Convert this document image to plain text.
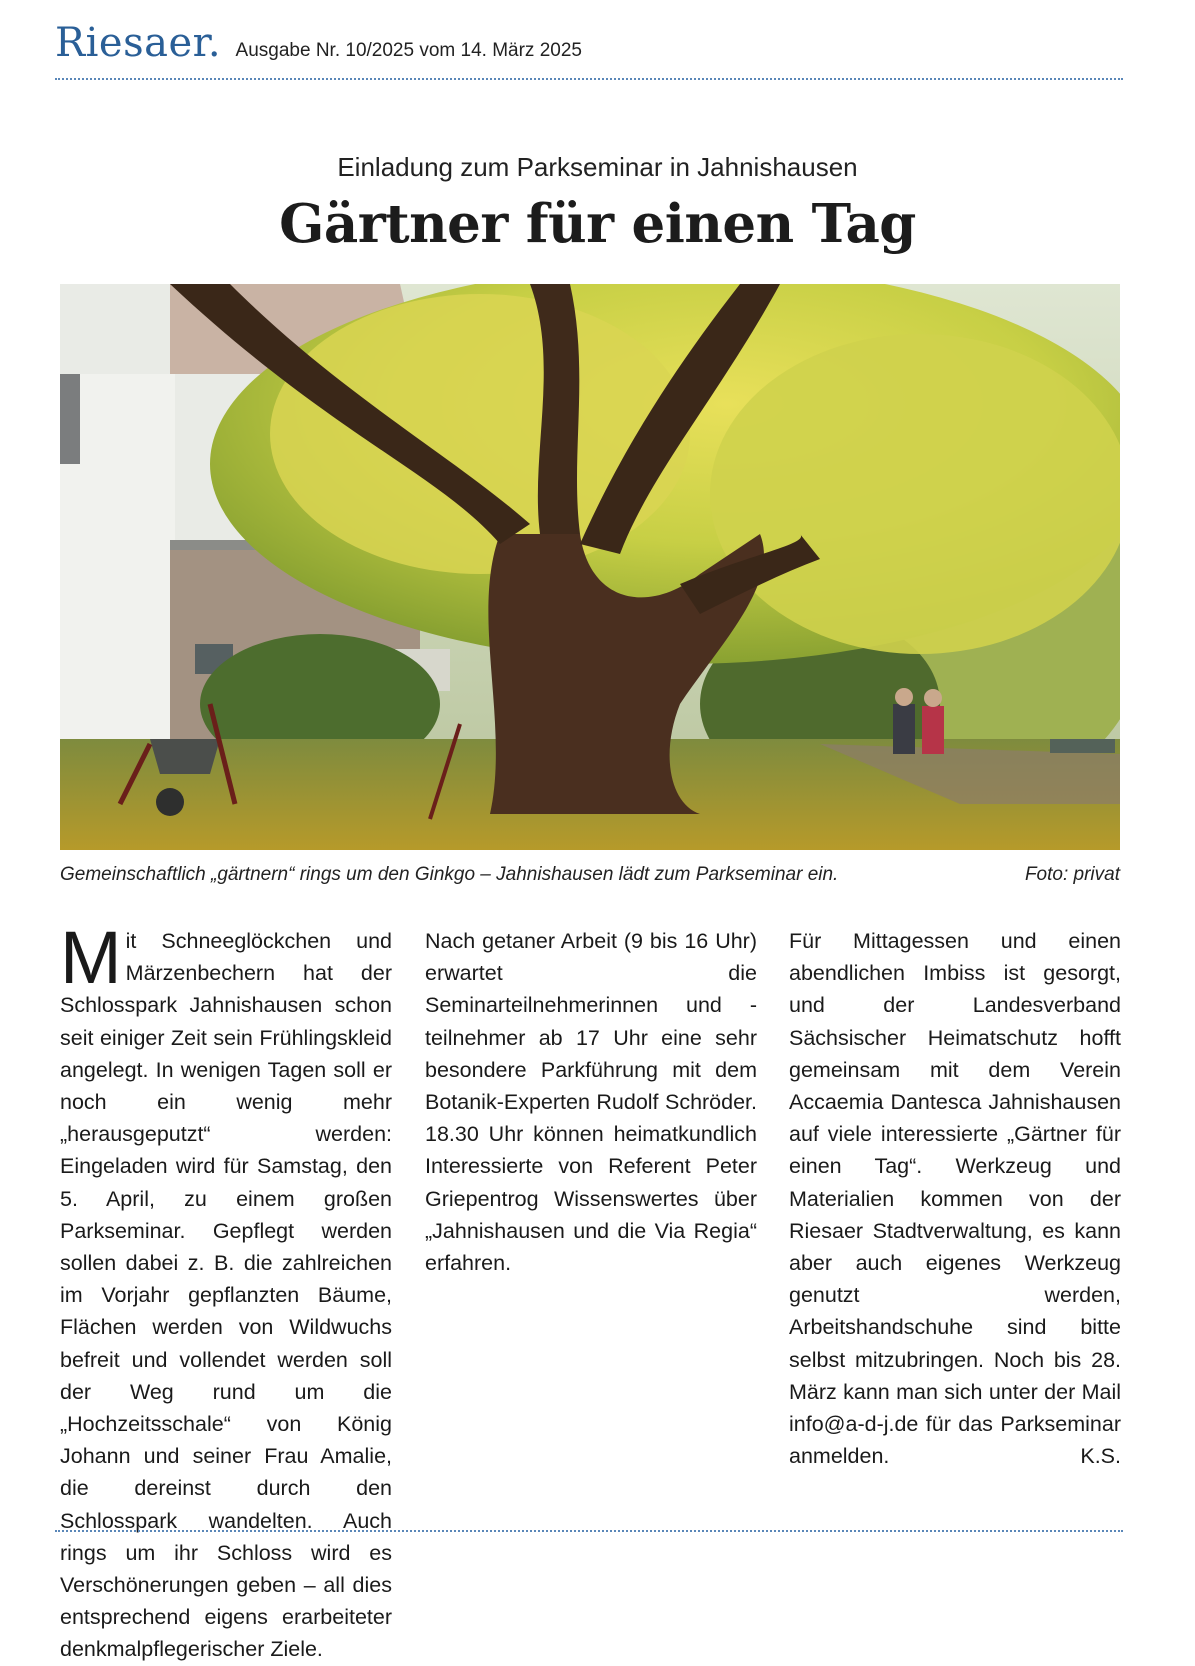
Riesaer. Ausgabe Nr. 10/2025 vom 14. März 2025
Einladung zum Parkseminar in Jahnishausen
Gärtner für einen Tag
Gemeinschaftlich „gärtnern“ rings um den Ginkgo – Jahnishausen lädt zum Parkseminar ein.	Foto: privat

Mit Schneeglöckchen und Märzenbechern hat der Schlosspark Jahnishausen schon seit einiger Zeit sein Frühlingskleid angelegt. In wenigen Tagen soll er noch ein wenig mehr „herausgeputzt“ werden: Eingeladen wird für Samstag, den 5. April, zu einem großen Parkseminar. Gepflegt werden sollen dabei z. B. die zahlreichen im Vorjahr gepflanzten Bäume, Flächen werden von Wildwuchs befreit und vollendet werden soll der Weg rund um die „Hochzeitsschale“ von König Johann und seiner Frau Amalie, die dereinst durch den Schlosspark wandelten. Auch rings um ihr Schloss wird es Verschönerungen geben – all dies entsprechend eigens erarbeiteter denkmalpflegerischer Ziele.

Nach getaner Arbeit (9 bis 16 Uhr) erwartet die Seminarteilnehmerinnen und -teilnehmer ab 17 Uhr eine sehr besondere Parkführung mit dem Botanik-Experten Rudolf Schröder. 18.30 Uhr können heimatkundlich Interessierte von Referent Peter Griepentrog Wissenswertes über „Jahnishausen und die Via Regia“ erfahren.

Für Mittagessen und einen abendlichen Imbiss ist gesorgt, und der Landesverband Sächsischer Heimatschutz hofft gemeinsam mit dem Verein Accaemia Dantesca Jahnishausen auf viele interessierte „Gärtner für einen Tag“. Werkzeug und Materialien kommen von der Riesaer Stadtverwaltung, es kann aber auch eigenes Werkzeug genutzt werden, Arbeitshandschuhe sind bitte selbst mitzubringen. Noch bis 28. März kann man sich unter der Mail info@a-d-j.de für das Parkseminar anmelden.	K.S.
